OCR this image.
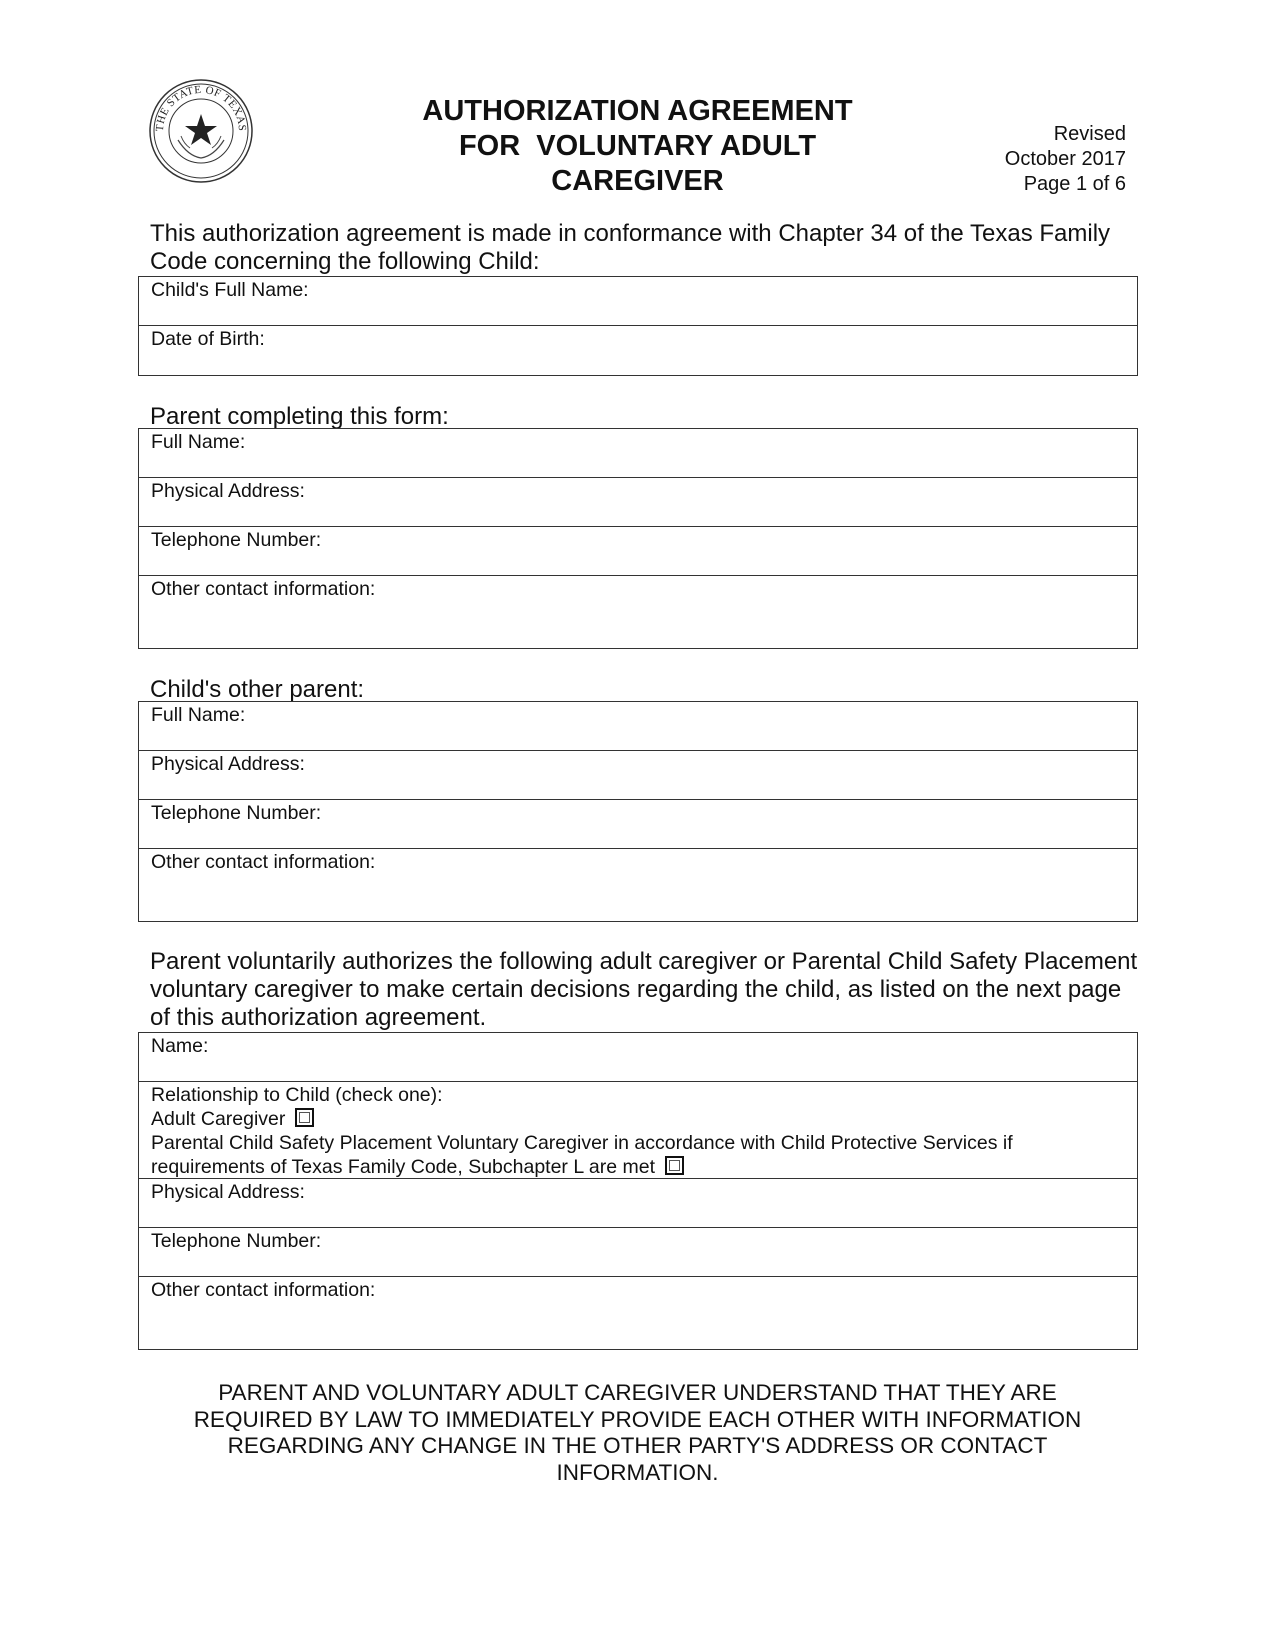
THE STATE OF TEXAS
AUTHORIZATION AGREEMENT
FOR  VOLUNTARY ADULT
CAREGIVER
Revised
October 2017
Page 1 of 6
This authorization agreement is made in conformance with Chapter 34 of the Texas Family Code concerning the following Child:
Child's Full Name:
Date of Birth:
Parent completing this form:
Full Name:
Physical Address:
Telephone Number:
Other contact information:
Child's other parent:
Full Name:
Physical Address:
Telephone Number:
Other contact information:
Parent voluntarily authorizes the following adult caregiver or Parental Child Safety Placement voluntary caregiver to make certain decisions regarding the child, as listed on the next page of this authorization agreement.
Name:
Relationship to Child (check one):
Adult Caregiver
Parental Child Safety Placement Voluntary Caregiver in accordance with Child Protective Services if
requirements of Texas Family Code, Subchapter L are met
Physical Address:
Telephone Number:
Other contact information:
PARENT AND VOLUNTARY ADULT CAREGIVER UNDERSTAND THAT THEY ARE REQUIRED BY LAW TO IMMEDIATELY PROVIDE EACH OTHER WITH INFORMATION REGARDING ANY CHANGE IN THE OTHER PARTY'S ADDRESS OR CONTACT INFORMATION.
